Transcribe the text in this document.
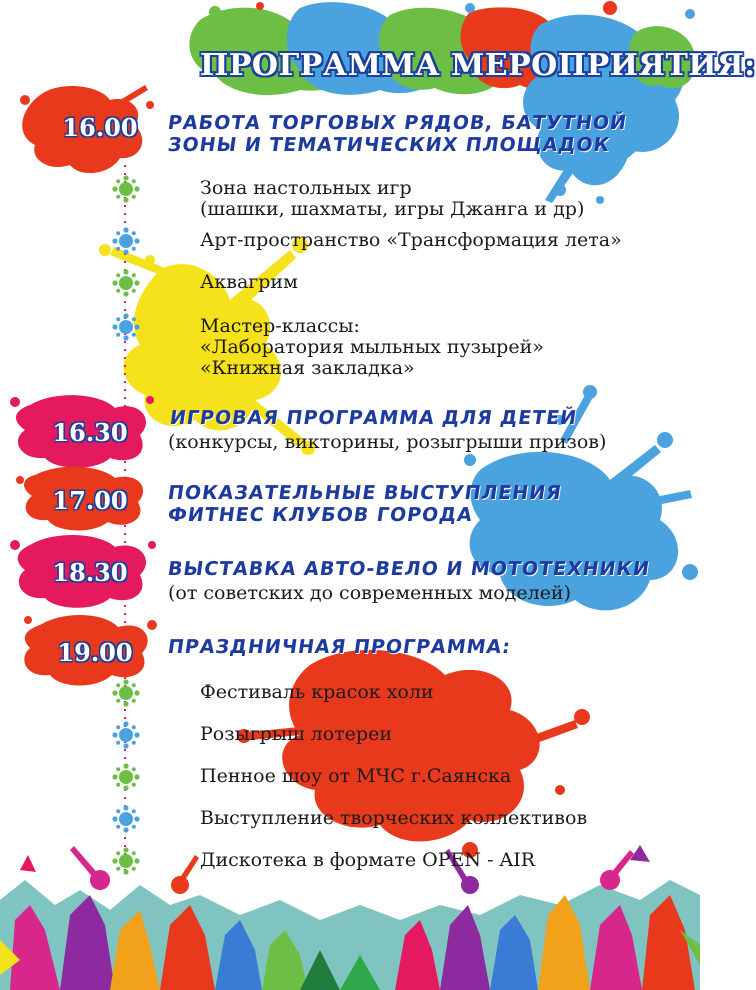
ПРОГРАММА МЕРОПРИЯТИЯ:
16.00	РАБОТА ТОРГОВЫХ РЯДОВ, БАТУТНОЙ
ЗОНЫ И ТЕМАТИЧЕСКИХ ПЛОЩАДОК
Зона настольных игр
(шашки, шахматы, игры Джанга и др)
Арт-пространство «Трансформация лета»
Аквагрим
Мастер-классы:
«Лаборатория мыльных пузырей»
«Книжная закладка»
16.30	ИГРОВАЯ ПРОГРАММА ДЛЯ ДЕТЕЙ
(конкурсы, викторины, розыгрыши призов)
17.00	ПОКАЗАТЕЛЬНЫЕ ВЫСТУПЛЕНИЯ
ФИТНЕС КЛУБОВ ГОРОДА
18.30	ВЫСТАВКА АВТО-ВЕЛО И МОТОТЕХНИКИ
(от советских до современных моделей)
19.00	ПРАЗДНИЧНАЯ ПРОГРАММА:
Фестиваль красок холи
Розыгрыш лотереи
Пенное шоу от МЧС г.Саянска
Выступление творческих коллективов
Дискотека в формате OPEN - AIR
